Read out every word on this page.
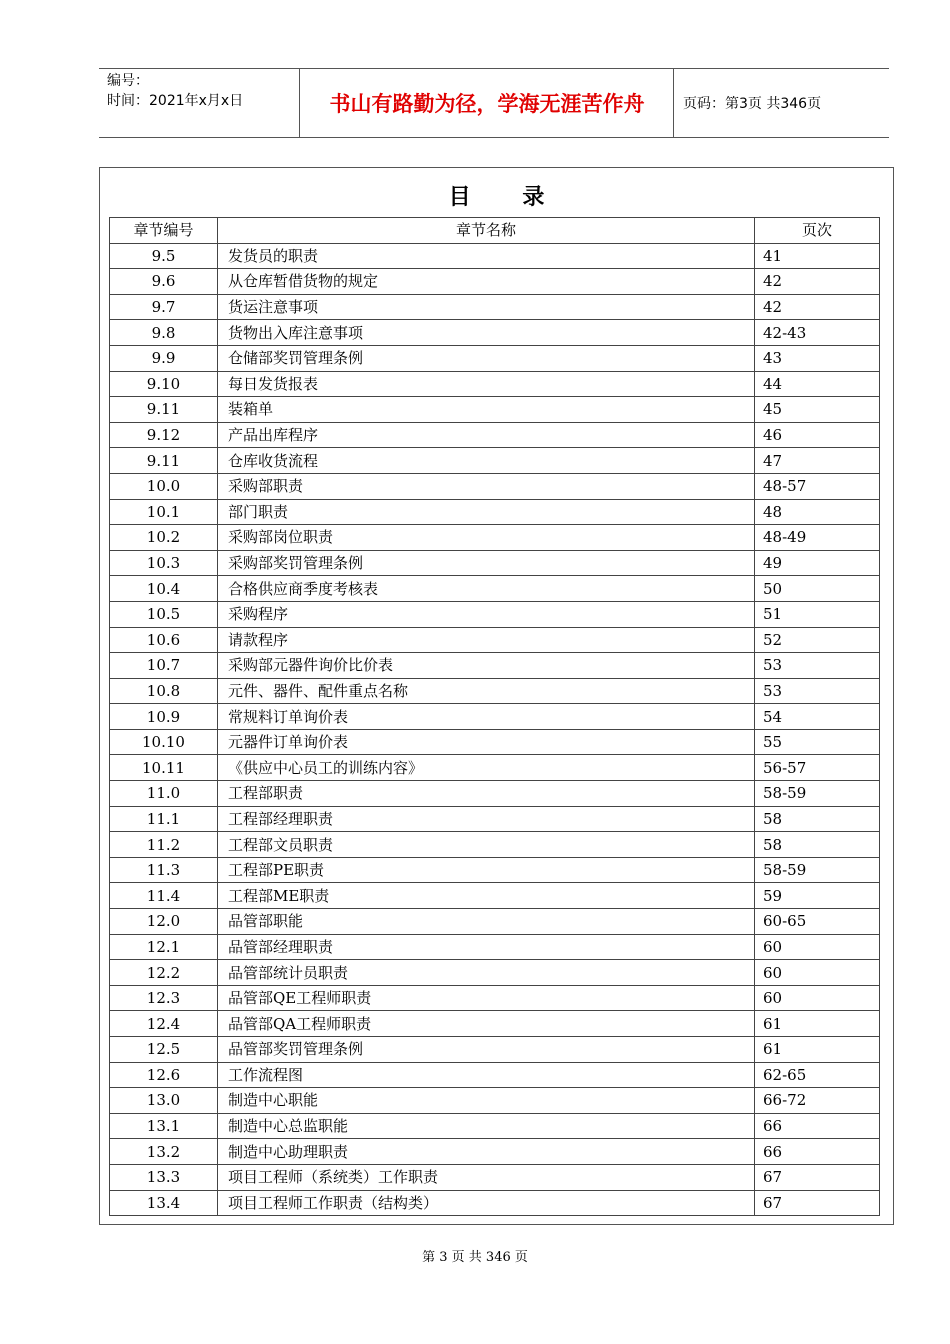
编号：
时间：2021年x月x日	书山有路勤为径，学海无涯苦作舟	页码：第3页 共346页
目 录
章节编号	章节名称	页次
9.5	发货员的职责	41
9.6	从仓库暂借货物的规定	42
9.7	货运注意事项	42
9.8	货物出入库注意事项	42-43
9.9	仓储部奖罚管理条例	43
9.10	每日发货报表	44
9.11	装箱单	45
9.12	产品出库程序	46
9.11	仓库收货流程	47
10.0	采购部职责	48-57
10.1	部门职责	48
10.2	采购部岗位职责	48-49
10.3	采购部奖罚管理条例	49
10.4	合格供应商季度考核表	50
10.5	采购程序	51
10.6	请款程序	52
10.7	采购部元器件询价比价表	53
10.8	元件、器件、配件重点名称	53
10.9	常规料订单询价表	54
10.10	元器件订单询价表	55
10.11	《供应中心员工的训练内容》	56-57
11.0	工程部职责	58-59
11.1	工程部经理职责	58
11.2	工程部文员职责	58
11.3	工程部PE职责	58-59
11.4	工程部ME职责	59
12.0	品管部职能	60-65
12.1	品管部经理职责	60
12.2	品管部统计员职责	60
12.3	品管部QE工程师职责	60
12.4	品管部QA工程师职责	61
12.5	品管部奖罚管理条例	61
12.6	工作流程图	62-65
13.0	制造中心职能	66-72
13.1	制造中心总监职能	66
13.2	制造中心助理职责	66
13.3	项目工程师（系统类）工作职责	67
13.4	项目工程师工作职责（结构类）	67
第 3 页 共 346 页
